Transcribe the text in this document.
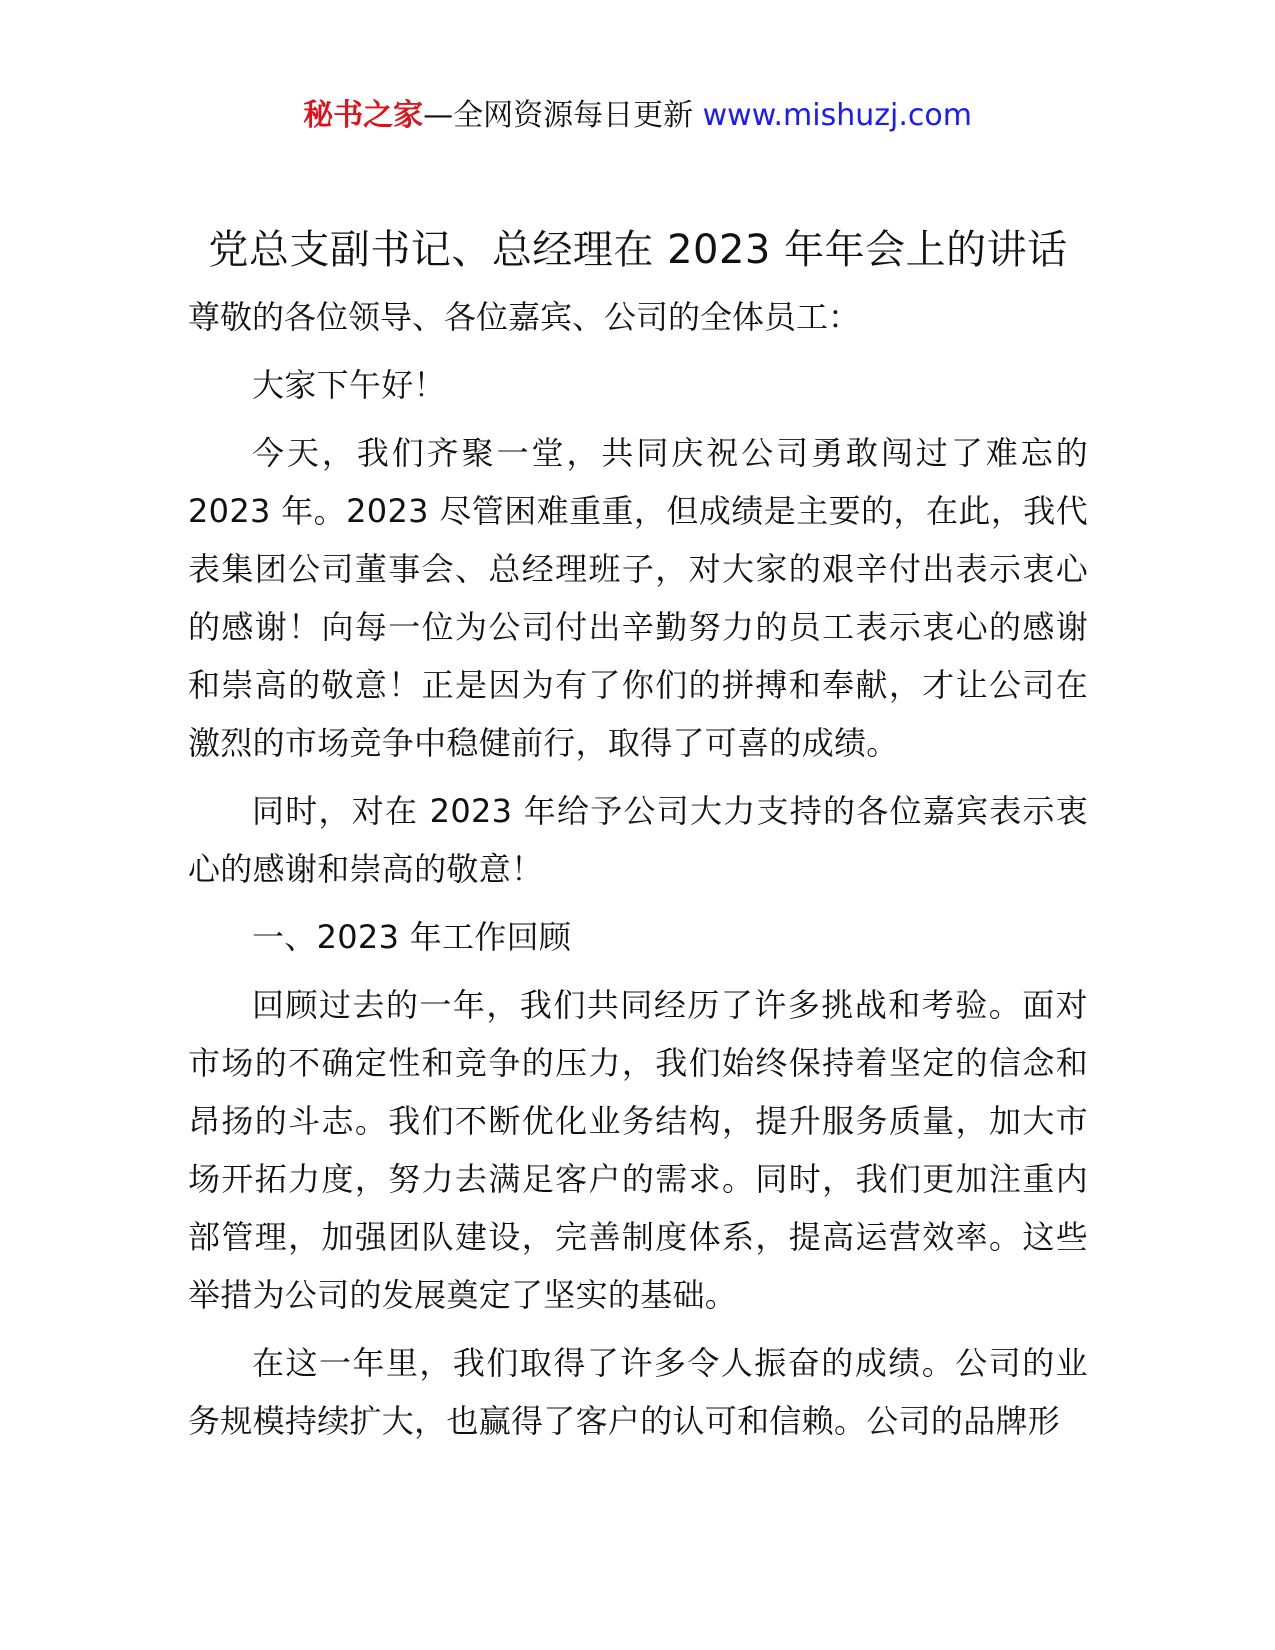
秘书之家—全网资源每日更新 www.mishuzj.com
党总支副书记、总经理在 2023 年年会上的讲话

尊敬的各位领导、各位嘉宾、公司的全体员工：

大家下午好！

今天，我们齐聚一堂，共同庆祝公司勇敢闯过了难忘的 2023 年。2023 尽管困难重重，但成绩是主要的，在此，我代表集团公司董事会、总经理班子，对大家的艰辛付出表示衷心的感谢！向每一位为公司付出辛勤努力的员工表示衷心的感谢和崇高的敬意！正是因为有了你们的拼搏和奉献，才让公司在激烈的市场竞争中稳健前行，取得了可喜的成绩。

同时，对在 2023 年给予公司大力支持的各位嘉宾表示衷心的感谢和崇高的敬意！

一、2023 年工作回顾

回顾过去的一年，我们共同经历了许多挑战和考验。面对市场的不确定性和竞争的压力，我们始终保持着坚定的信念和昂扬的斗志。我们不断优化业务结构，提升服务质量，加大市场开拓力度，努力去满足客户的需求。同时，我们更加注重内部管理，加强团队建设，完善制度体系，提高运营效率。这些举措为公司的发展奠定了坚实的基础。

在这一年里，我们取得了许多令人振奋的成绩。公司的业务规模持续扩大，也赢得了客户的认可和信赖。公司的品牌形
